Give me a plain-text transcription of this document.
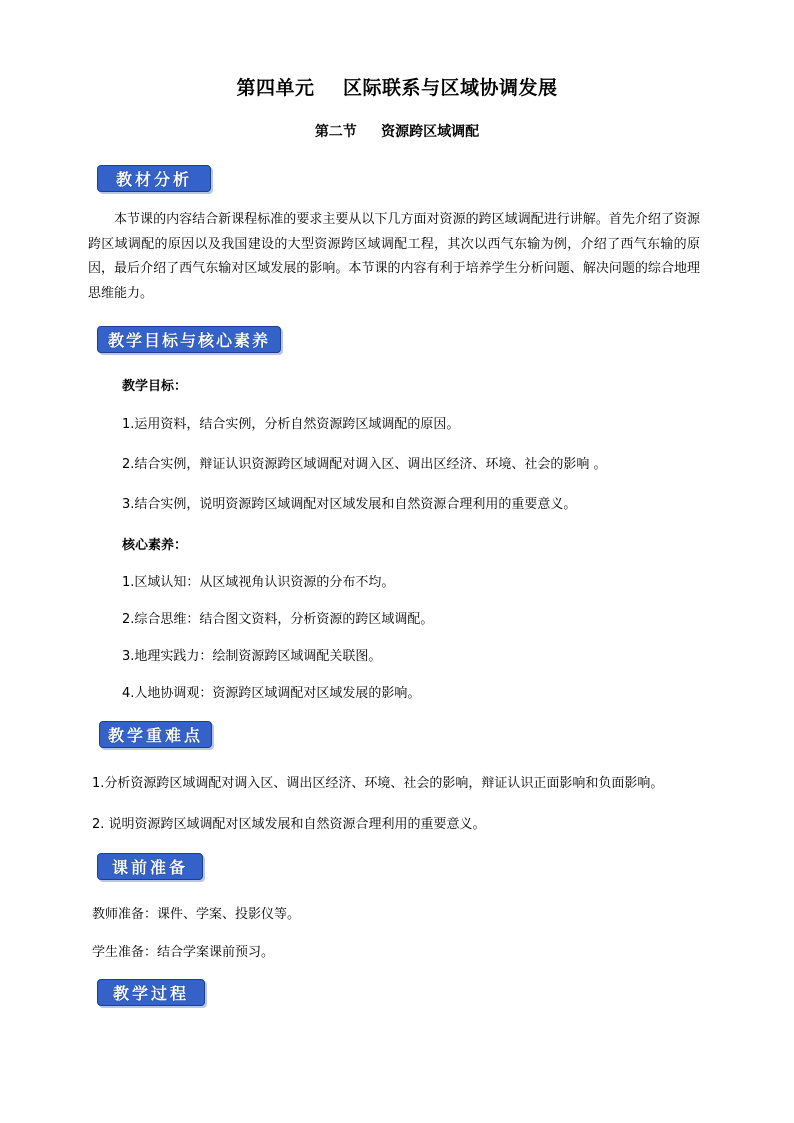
第四单元    区际联系与区域协调发展
第二节     资源跨区域调配
教材分析
本节课的内容结合新课程标准的要求主要从以下几方面对资源的跨区域调配进行讲解。首先介绍了资源跨区域调配的原因以及我国建设的大型资源跨区域调配工程，其次以西气东输为例，介绍了西气东输的原因，最后介绍了西气东输对区域发展的影响。本节课的内容有利于培养学生分析问题、解决问题的综合地理思维能力。
教学目标与核心素养
教学目标：
1.运用资料，结合实例，分析自然资源跨区域调配的原因。
2.结合实例，辩证认识资源跨区域调配对调入区、调出区经济、环境、社会的影响 。
3.结合实例，说明资源跨区域调配对区域发展和自然资源合理利用的重要意义。
核心素养：
1.区域认知：从区域视角认识资源的分布不均。
2.综合思维：结合图文资料，分析资源的跨区域调配。
3.地理实践力：绘制资源跨区域调配关联图。
4.人地协调观：资源跨区域调配对区域发展的影响。
教学重难点
1.分析资源跨区域调配对调入区、调出区经济、环境、社会的影响，辩证认识正面影响和负面影响。
2. 说明资源跨区域调配对区域发展和自然资源合理利用的重要意义。
课前准备
教师准备：课件、学案、投影仪等。
学生准备：结合学案课前预习。
教学过程
